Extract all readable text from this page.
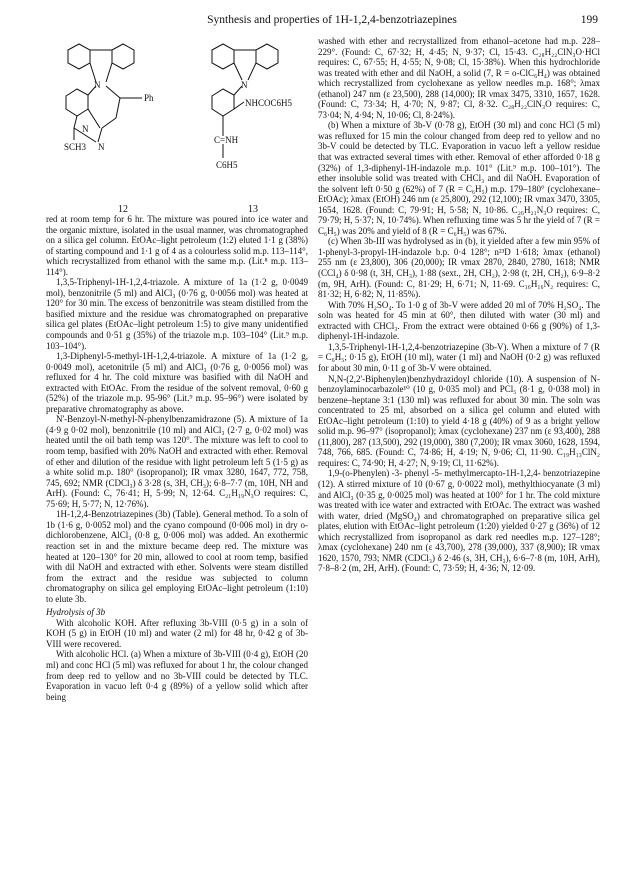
Synthesis and properties of 1H-1,2,4-benzotriazepines	199
N
N
N
Ph
SCH3
12
N
NHCOC6H5
C=NH
C6H5
13

red at room temp for 6 hr. The mixture was poured into ice water and the organic mixture, isolated in the usual manner, was chromatographed on a silica gel column. EtOAc–light petroleum (1:2) eluted 1·1 g (38%) of starting compound and 1·1 g of 4 as a colourless solid m.p. 113–114°, which recrystallized from ethanol with the same m.p. (Lit.⁸ m.p. 113–114°).

1,3,5-Triphenyl-1H-1,2,4-triazole. A mixture of 1a (1·2 g, 0·0049 mol), benzonitrile (5 ml) and AlCl₃ (0·76 g, 0·0056 mol) was heated at 120° for 30 min. The excess of benzonitrile was steam distilled from the basified mixture and the residue was chromatographed on preparative silica gel plates (EtOAc–light petroleum 1:5) to give many unidentified compounds and 0·51 g (35%) of the triazole m.p. 103–104° (Lit.⁹ m.p. 103–104°).

1,3-Diphenyl-5-methyl-1H-1,2,4-triazole. A mixture of 1a (1·2 g, 0·0049 mol), acetonitrile (5 ml) and AlCl₃ (0·76 g, 0·0056 mol) was refluxed for 4 hr. The cold mixture was basified with dil NaOH and extracted with EtOAc. From the residue of the solvent removal, 0·60 g (52%) of the triazole m.p. 95-96° (Lit.⁹ m.p. 95–96°) were isolated by preparative chromatography as above.

N'-Benzoyl-N-methyl-N-phenylbenzamidrazone (5). A mixture of 1a (4·9 g 0·02 mol), benzonitrile (10 ml) and AlCl₃ (2·7 g, 0·02 mol) was heated until the oil bath temp was 120°. The mixture was left to cool to room temp, basified with 20% NaOH and extracted with ether. Removal of ether and dilution of the residue with light petroleum left 5 (1·5 g) as a white solid m.p. 180° (isopropanol); IR νmax 3280, 1647, 772, 758, 745, 692; NMR (CDCl₃) δ 3·28 (s, 3H, CH₃); 6·8–7·7 (m, 10H, NH and ArH). (Found: C, 76·41; H, 5·99; N, 12·64. C₂₁H₁₉N₃O requires: C, 75·69; H, 5·77; N, 12·76%).

1H-1,2,4-Benzotriazepines (3b) (Table). General method. To a soln of 1b (1·6 g, 0·0052 mol) and the cyano compound (0·006 mol) in dry o-dichlorobenzene, AlCl₃ (0·8 g, 0·006 mol) was added. An exothermic reaction set in and the mixture became deep red. The mixture was heated at 120–130° for 20 min, allowed to cool at room temp, basified with dil NaOH and extracted with ether. Solvents were steam distilled from the extract and the residue was subjected to column chromatography on silica gel employing EtOAc–light petroleum (1:10) to elute 3b.

Hydrolysis of 3b

With alcoholic KOH. After refluxing 3b-VIII (0·5 g) in a soln of KOH (5 g) in EtOH (10 ml) and water (2 ml) for 48 hr, 0·42 g of 3b-VIII were recovered.

With alcoholic HCl. (a) When a mixture of 3b-VIII (0·4 g), EtOH (20 ml) and conc HCl (5 ml) was refluxed for about 1 hr, the colour changed from deep red to yellow and no 3b-VIII could be detected by TLC. Evaporation in vacuo left 0·4 g (89%) of a yellow solid which after being

washed with ether and recrystallized from ethanol–acetone had m.p. 228–229°. (Found: C, 67·32; H, 4·45; N, 9·37; Cl, 15·43. C₂₈H₂₂ClN₃O·HCl requires: C, 67·55; H, 4·55; N, 9·08; Cl, 15·38%). When this hydrochloride was treated with ether and dil NaOH, a solid (7, R = o-ClC₆H₄) was obtained which recrystallized from cyclohexane as yellow needles m.p. 168°; λmax (ethanol) 247 nm (ε 23,500), 288 (14,000); IR νmax 3475, 3310, 1657, 1628. (Found: C, 73·34; H, 4·70; N, 9·87; Cl, 8·32. C₂₈H₂₂ClN₃O requires: C, 73·04; N, 4·94; N, 10·06; Cl, 8·24%).

(b) When a mixture of 3b-V (0·78 g), EtOH (30 ml) and conc HCl (5 ml) was refluxed for 15 min the colour changed from deep red to yellow and no 3b-V could be detected by TLC. Evaporation in vacuo left a yellow residue that was extracted several times with ether. Removal of ether afforded 0·18 g (32%) of 1,3-diphenyl-1H-indazole m.p. 101° (Lit.⁹ m.p. 100–101°). The ether insoluble solid was treated with CHCl₃ and dil NaOH. Evaporation of the solvent left 0·50 g (62%) of 7 (R = C₆H₅) m.p. 179–180° (cyclohexane–EtOAc); λmax (EtOH) 246 nm (ε 25,800), 292 (12,100); IR νmax 3470, 3305, 1654, 1628. (Found: C, 79·91; H, 5·58; N, 10·86. C₂₆H₂₁N₃O requires: C, 79·79; H, 5·37; N, 10·74%). When refluxing time was 5 hr the yield of 7 (R = C₆H₅) was 20% and yield of 8 (R = C₆H₅) was 67%.

(c) When 3b-III was hydrolysed as in (b), it yielded after a few min 95% of 1-phenyl-3-propyl-1H-indazole b.p. 0·4 128°; n²³D 1·618; λmax (ethanol) 255 nm (ε 23,800), 306 (20,000); IR νmax 2870, 2840, 2780, 1618; NMR (CCl₄) δ 0·98 (t, 3H, CH₃), 1·88 (sext., 2H, CH₂), 2·98 (t, 2H, CH₂), 6·9–8·2 (m, 9H, ArH). (Found: C, 81·29; H, 6·71; N, 11·69. C₁₆H₁₆N₂ requires: C, 81·32; H, 6·82; N, 11·85%).

With 70% H₂SO₄. To 1·0 g of 3b-V were added 20 ml of 70% H₂SO₄. The soln was heated for 45 min at 60°, then diluted with water (30 ml) and extracted with CHCl₃. From the extract were obtained 0·66 g (90%) of 1,3-diphenyl-1H-indazole.

1,3,5-Triphenyl-1H-1,2,4-benzotriazepine (3b-V). When a mixture of 7 (R = C₆H₅; 0·15 g), EtOH (10 ml), water (1 ml) and NaOH (0·2 g) was refluxed for about 30 min, 0·11 g of 3b-V were obtained.

N,N-(2,2'-Biphenylen)benzhydrazidoyl chloride (10). A suspension of N-benzoylaminocarbazole¹⁰ (10 g, 0·035 mol) and PCl₅ (8·1 g, 0·038 mol) in benzene–heptane 3:1 (130 ml) was refluxed for about 30 min. The soln was concentrated to 25 ml, absorbed on a silica gel column and eluted with EtOAc–light petroleum (1:10) to yield 4·18 g (40%) of 9 as a bright yellow solid m.p. 96–97° (isopropanol); λmax (cyclohexane) 237 nm (ε 93,400), 288 (11,800), 287 (13,500), 292 (19,000), 380 (7,200); IR νmax 3060, 1628, 1594, 748, 766, 685. (Found: C, 74·86; H, 4·19; N, 9·06; Cl, 11·90. C₁₉H₁₃ClN₂ requires: C, 74·90; H, 4·27; N, 9·19; Cl, 11·62%).

1,9-(o-Phenylen) -3- phenyl -5- methylmercapto-1H-1,2,4- benzotriazepine (12). A stirred mixture of 10 (0·67 g, 0·0022 mol), methylthiocyanate (3 ml) and AlCl₃ (0·35 g, 0·0025 mol) was heated at 100° for 1 hr. The cold mixture was treated with ice water and extracted with EtOAc. The extract was washed with water, dried (MgSO₄) and chromatographed on preparative silica gel plates, elution with EtOAc–light petroleum (1:20) yielded 0·27 g (36%) of 12 which recrystallized from isopropanol as dark red needles m.p. 127–128°; λmax (cyclohexane) 240 nm (ε 43,700), 278 (39,000), 337 (8,900); IR νmax 1620, 1570, 793; NMR (CDCl₃) δ 2·46 (s, 3H, CH₃), 6·6–7·8 (m, 10H, ArH), 7·8–8·2 (m, 2H, ArH). (Found: C, 73·59; H, 4·36; N, 12·09.
